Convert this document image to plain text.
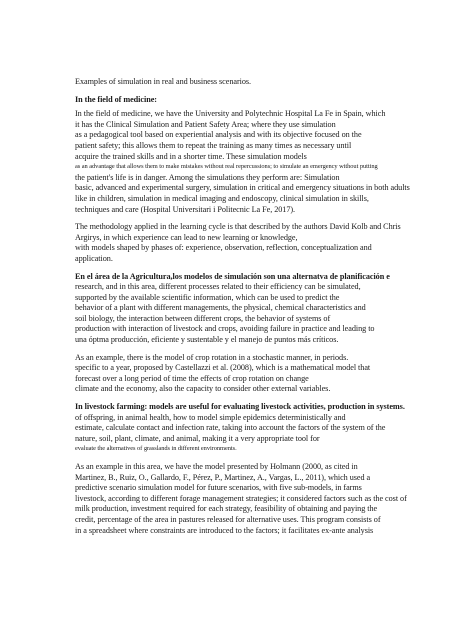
Examples of simulation in real and business scenarios.
In the field of medicine:
In the field of medicine, we have the University and Polytechnic Hospital La Fe in Spain, which
it has the Clinical Simulation and Patient Safety Area; where they use simulation
as a pedagogical tool based on experiential analysis and with its objective focused on the
patient safety; this allows them to repeat the training as many times as necessary until
acquire the trained skills and in a shorter time. These simulation models
as an advantage that allows them to make mistakes without real repercussions; to simulate an emergency without putting
the patient's life is in danger. Among the simulations they perform are: Simulation
basic, advanced and experimental surgery, simulation in critical and emergency situations in both adults
like in children, simulation in medical imaging and endoscopy, clinical simulation in skills,
techniques and care (Hospital Universitari i Politecnic La Fe, 2017).
The methodology applied in the learning cycle is that described by the authors David Kolb and Chris
Argirys, in which experience can lead to new learning or knowledge,
with models shaped by phases of: experience, observation, reflection, conceptualization and
application.
En el área de la Agricultura,los modelos de simulación son una alternatva de planificación e
research, and in this area, different processes related to their efficiency can be simulated,
supported by the available scientific information, which can be used to predict the
behavior of a plant with different managements, the physical, chemical characteristics and
soil biology, the interaction between different crops, the behavior of systems of
production with interaction of livestock and crops, avoiding failure in practice and leading to
una óptma producción, eficiente y sustentable y el manejo de puntos más críticos.
As an example, there is the model of crop rotation in a stochastic manner, in periods.
specific to a year, proposed by Castellazzi et al. (2008), which is a mathematical model that
forecast over a long period of time the effects of crop rotation on change
climate and the economy, also the capacity to consider other external variables.
In livestock farming: models are useful for evaluating livestock activities, production in systems.
of offspring, in animal health, how to model simple epidemics deterministically and
estimate, calculate contact and infection rate, taking into account the factors of the system of the
nature, soil, plant, climate, and animal, making it a very appropriate tool for
evaluate the alternatives of grasslands in different environments.
As an example in this area, we have the model presented by Holmann (2000, as cited in
Martinez, B., Ruiz, O., Gallardo, F., Pérez, P., Martinez, A., Vargas, L., 2011), which used a
predictive scenario simulation model for future scenarios, with five sub-models, in farms
livestock, according to different forage management strategies; it considered factors such as the cost of
milk production, investment required for each strategy, feasibility of obtaining and paying the
credit, percentage of the area in pastures released for alternative uses. This program consists of
in a spreadsheet where constraints are introduced to the factors; it facilitates ex-ante analysis
